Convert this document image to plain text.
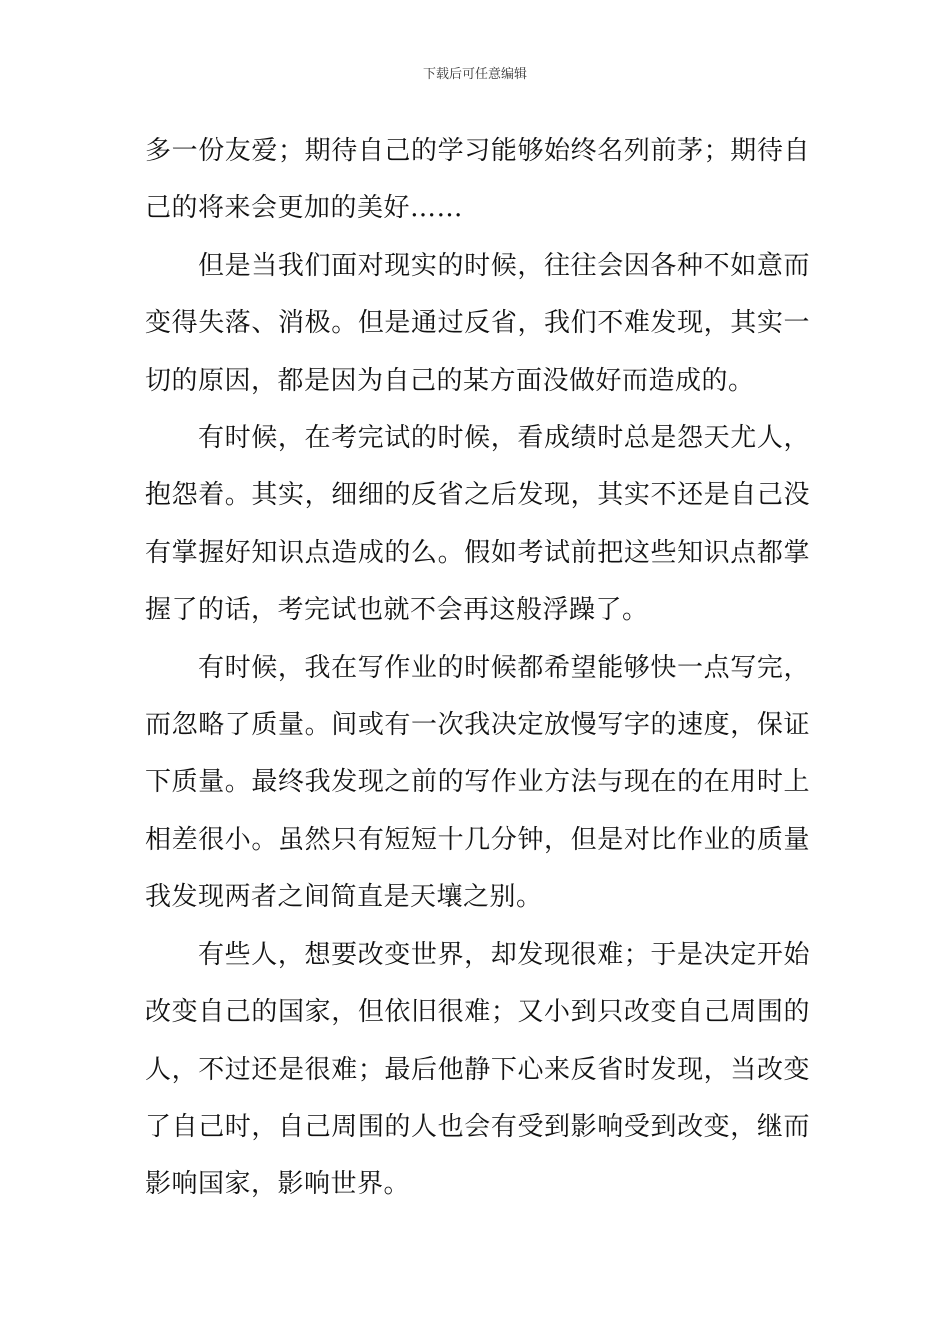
下载后可任意编辑

多一份友爱；期待自己的学习能够始终名列前茅；期待自己的将来会更加的美好……

但是当我们面对现实的时候，往往会因各种不如意而变得失落、消极。但是通过反省，我们不难发现，其实一切的原因，都是因为自己的某方面没做好而造成的。

有时候，在考完试的时候，看成绩时总是怨天尤人，抱怨着。其实，细细的反省之后发现，其实不还是自己没有掌握好知识点造成的么。假如考试前把这些知识点都掌握了的话，考完试也就不会再这般浮躁了。

有时候，我在写作业的时候都希望能够快一点写完，而忽略了质量。间或有一次我决定放慢写字的速度，保证下质量。最终我发现之前的写作业方法与现在的在用时上相差很小。虽然只有短短十几分钟，但是对比作业的质量我发现两者之间简直是天壤之别。

有些人，想要改变世界，却发现很难；于是决定开始改变自己的国家，但依旧很难；又小到只改变自己周围的人，不过还是很难；最后他静下心来反省时发现，当改变了自己时，自己周围的人也会有受到影响受到改变，继而影响国家，影响世界。
